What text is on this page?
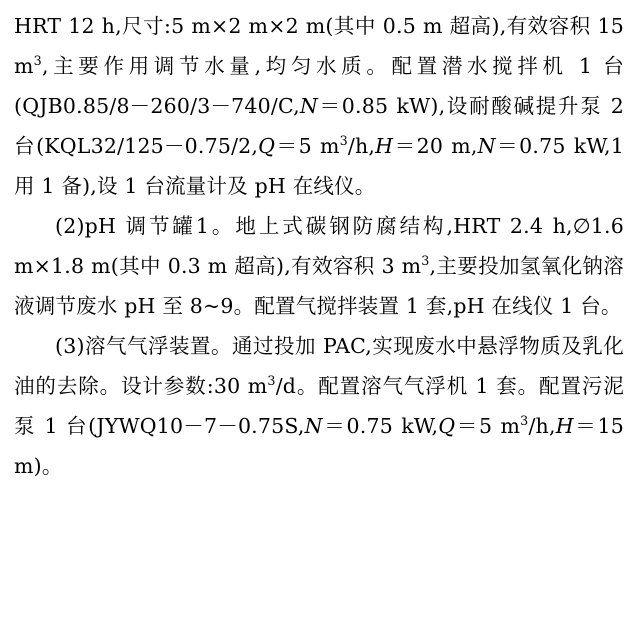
HRT 12 h,尺寸:5 m×2 m×2 m(其中 0.5 m 超高),有效容积 15 $m^3$,主要作用调节水量,均匀水质。配置潜水搅拌机 1 台(QJB0.85/8－260/3－740/C,N＝0.85 kW),设耐酸碱提升泵 2 台(KQL32/125－0.75/2,Q＝5 $m^3/h,H=20$ m,N＝0.75 kW,1 用 1 备),设 1 台流量计及 pH 在线仪。

(2)pH 调节罐1。地上式碳钢防腐结构,HRT 2.4 h,∅1.6 m×1.8 m(其中 0.3 m 超高),有效容积 3 $m^3$,主要投加氢氧化钠溶液调节废水 pH 至 8~9。配置气搅拌装置 1 套,pH 在线仪 1 台。

(3)溶气气浮装置。通过投加 PAC,实现废水中悬浮物质及乳化油的去除。设计参数:30 $m^3/d$。配置溶气气浮机 1 套。配置污泥泵 1 台(JYWQ10－7－0.75S,N＝0.75 kW,Q＝5 $m^3/h,H=15$ m)。
